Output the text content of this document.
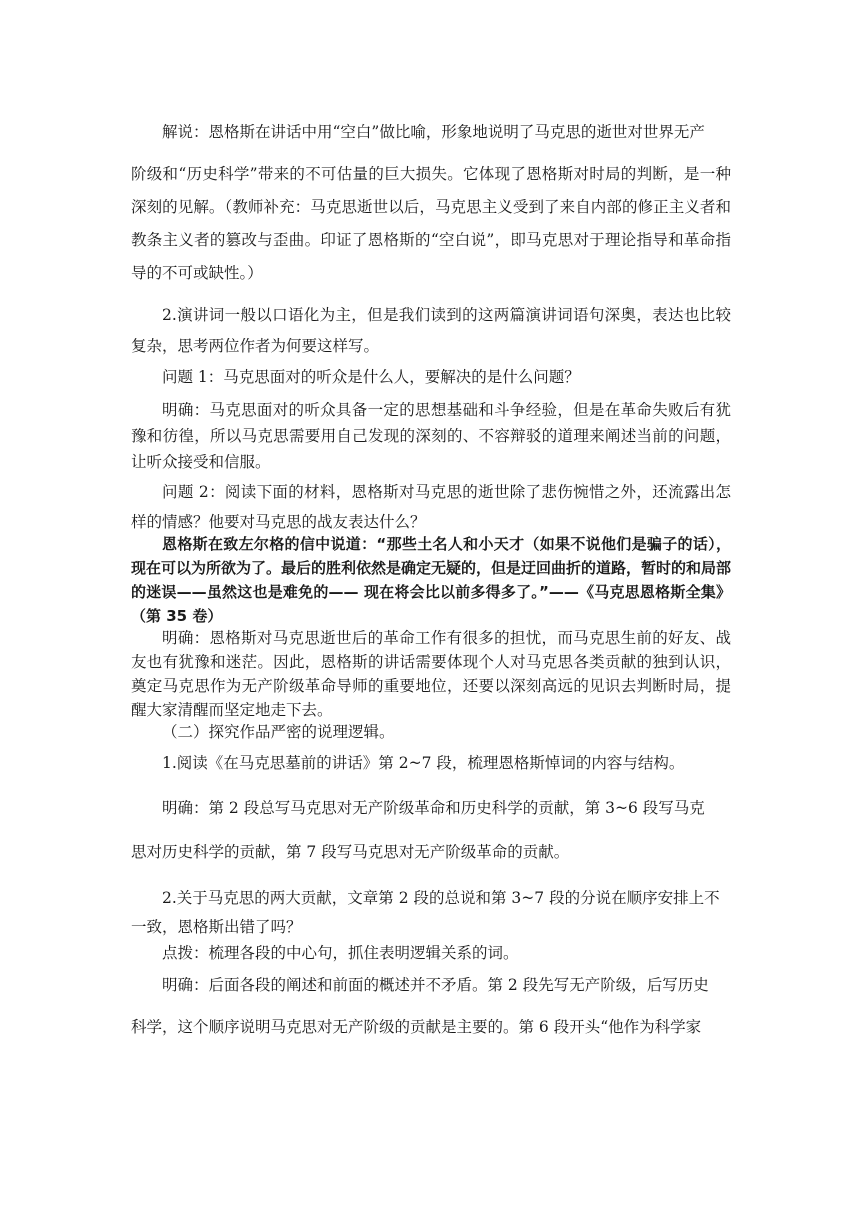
解说：恩格斯在讲话中用“空白”做比喻，形象地说明了马克思的逝世对世界无产

阶级和“历史科学”带来的不可估量的巨大损失。它体现了恩格斯对时局的判断，是一种深刻的见解。（教师补充：马克思逝世以后，马克思主义受到了来自内部的修正主义者和教条主义者的篡改与歪曲。印证了恩格斯的“空白说”，即马克思对于理论指导和革命指导的不可或缺性。）

2.演讲词一般以口语化为主，但是我们读到的这两篇演讲词语句深奥，表达也比较复杂，思考两位作者为何要这样写。

问题 1：马克思面对的听众是什么人，要解决的是什么问题？

明确：马克思面对的听众具备一定的思想基础和斗争经验，但是在革命失败后有犹豫和彷徨，所以马克思需要用自己发现的深刻的、不容辩驳的道理来阐述当前的问题，让听众接受和信服。

问题 2：阅读下面的材料，恩格斯对马克思的逝世除了悲伤惋惜之外，还流露出怎样的情感？他要对马克思的战友表达什么？

恩格斯在致左尔格的信中说道：“那些土名人和小天才（如果不说他们是骗子的话），现在可以为所欲为了。最后的胜利依然是确定无疑的，但是迂回曲折的道路，暂时的和局部的迷误——虽然这也是难免的—— 现在将会比以前多得多了。”——《马克思恩格斯全集》 （第 35 卷）

明确：恩格斯对马克思逝世后的革命工作有很多的担忧，而马克思生前的好友、战友也有犹豫和迷茫。因此，恩格斯的讲话需要体现个人对马克思各类贡献的独到认识，奠定马克思作为无产阶级革命导师的重要地位，还要以深刻高远的见识去判断时局，提醒大家清醒而坚定地走下去。

（二）探究作品严密的说理逻辑。

1.阅读《在马克思墓前的讲话》第 2~7 段，梳理恩格斯悼词的内容与结构。

明确：第 2 段总写马克思对无产阶级革命和历史科学的贡献，第 3~6 段写马克

思对历史科学的贡献，第 7 段写马克思对无产阶级革命的贡献。

2.关于马克思的两大贡献，文章第 2 段的总说和第 3~7 段的分说在顺序安排上不

一致，恩格斯出错了吗？

点拨：梳理各段的中心句，抓住表明逻辑关系的词。

明确：后面各段的阐述和前面的概述并不矛盾。第 2 段先写无产阶级，后写历史

科学，这个顺序说明马克思对无产阶级的贡献是主要的。第 6 段开头“他作为科学家
